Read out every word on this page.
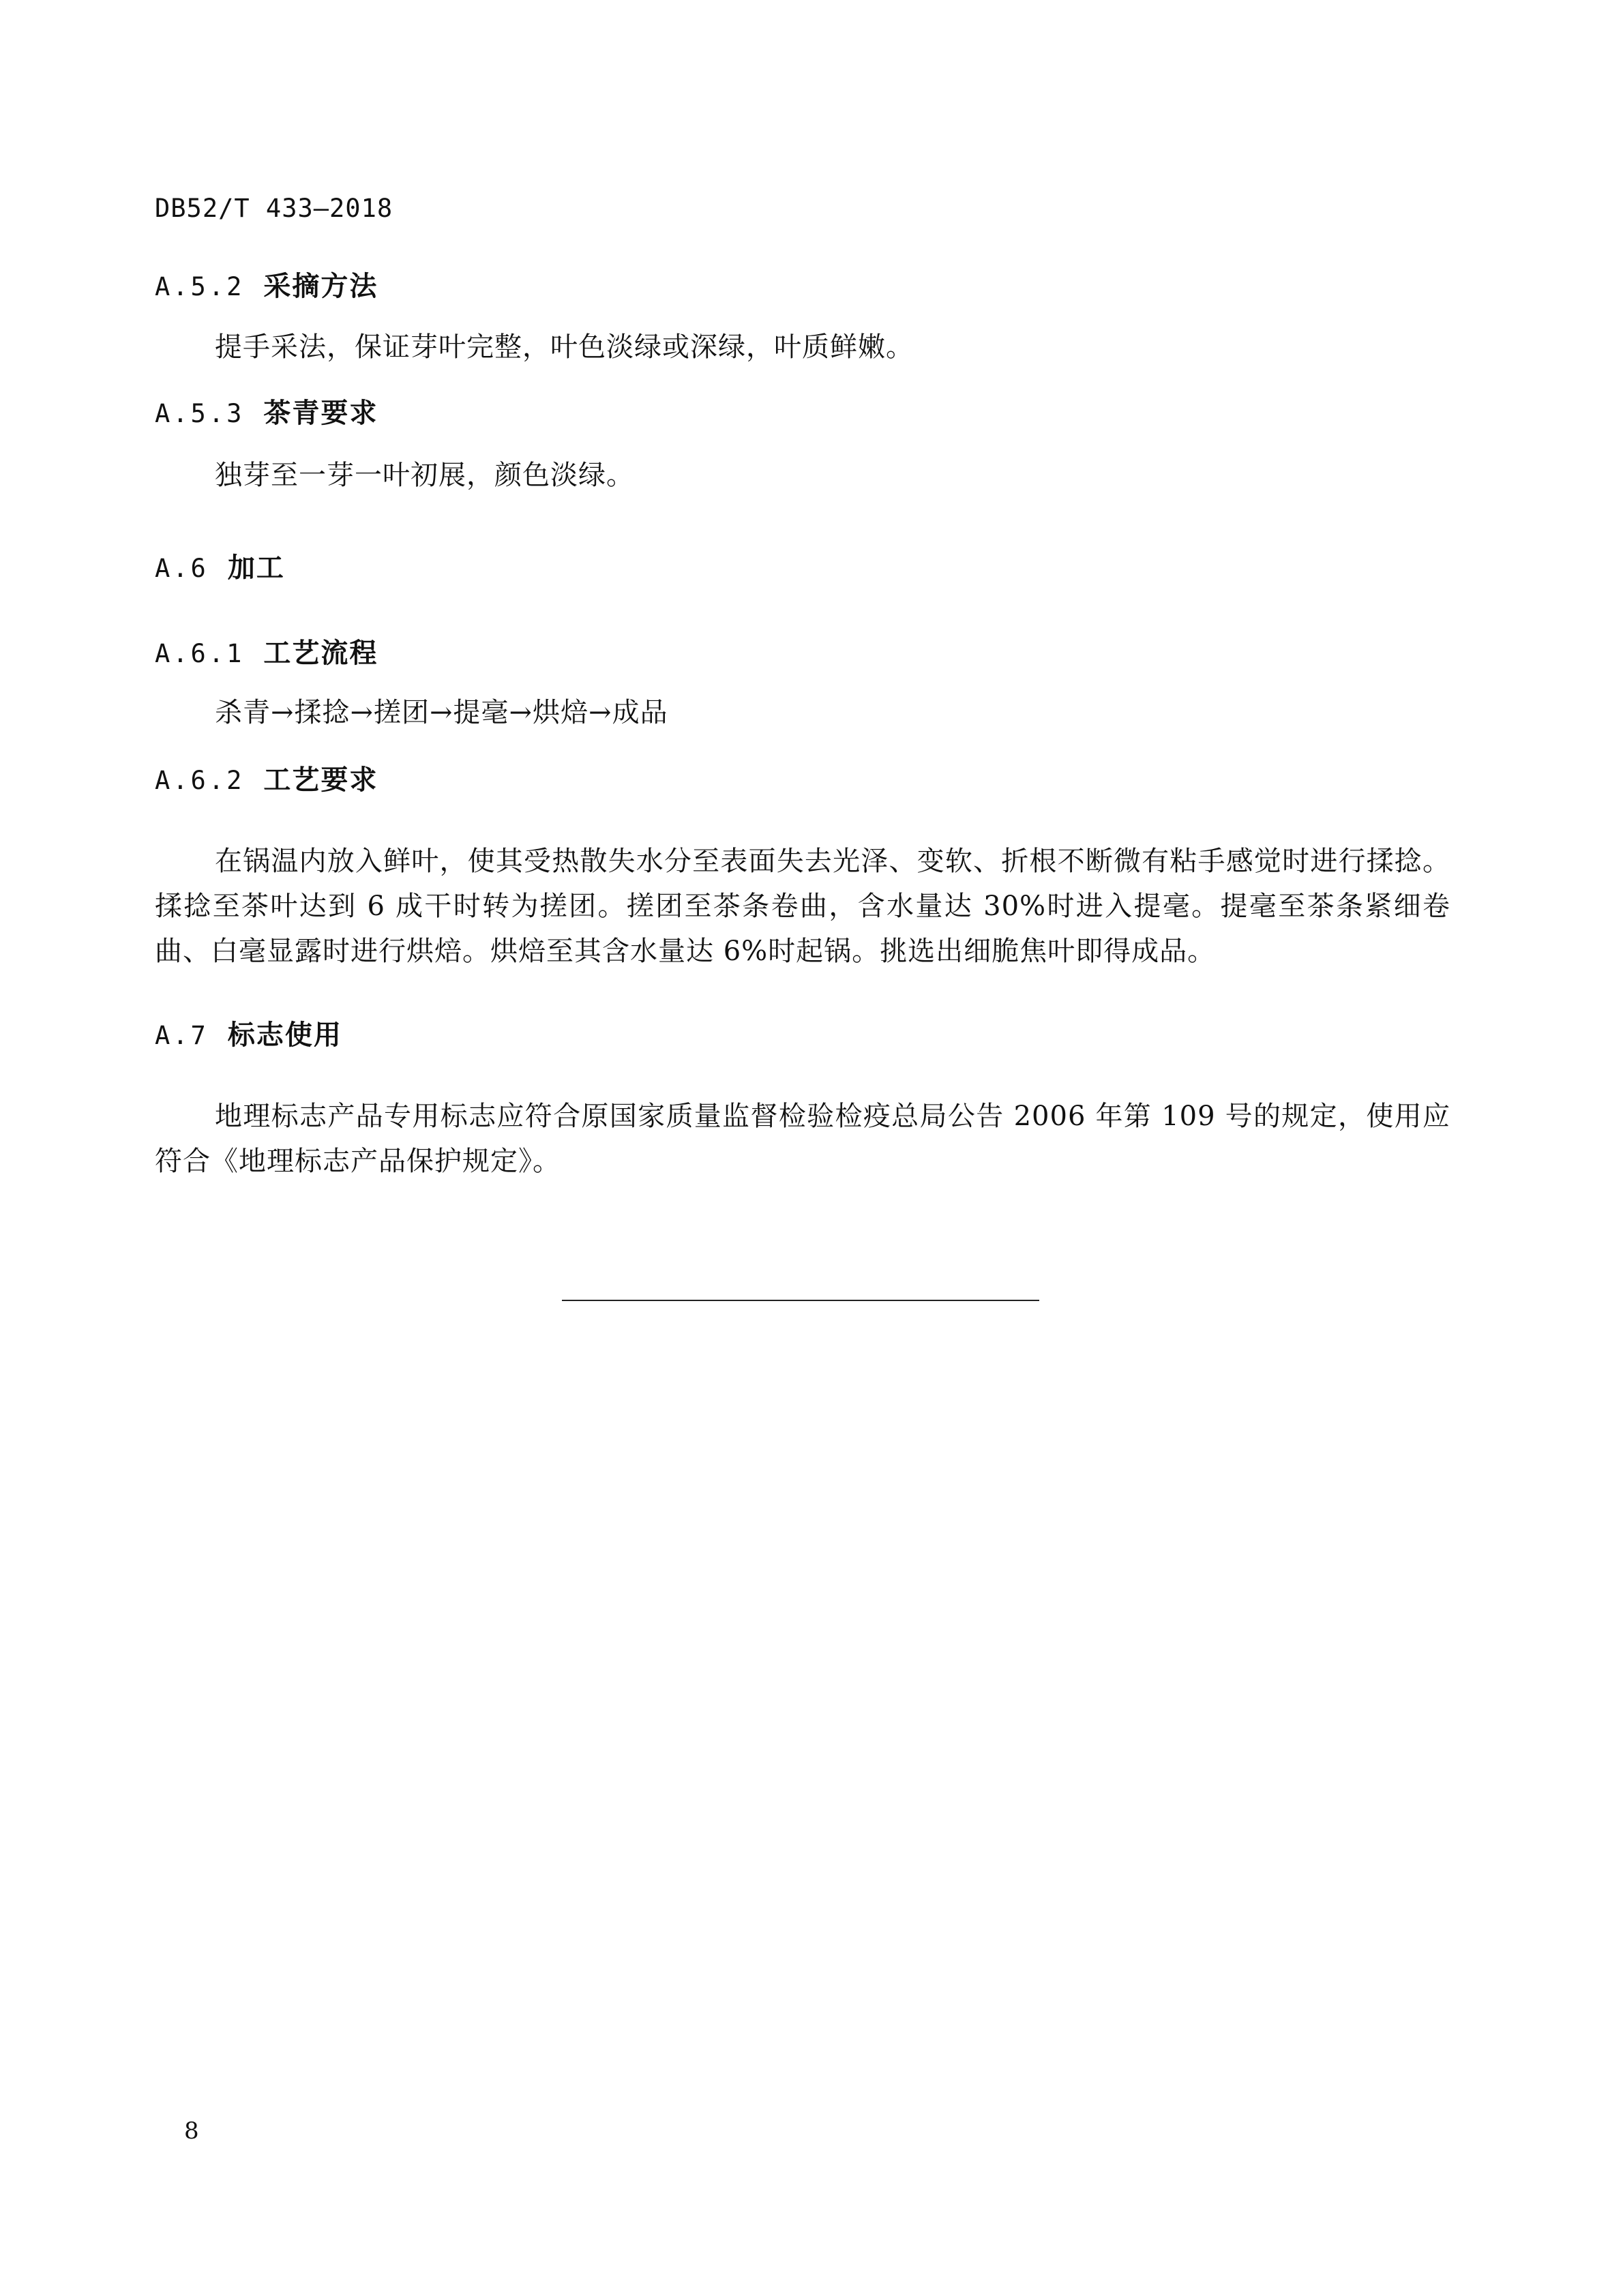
DB52/T 433—2018
A.5.2 采摘方法
提手采法，保证芽叶完整，叶色淡绿或深绿，叶质鲜嫩。
A.5.3 茶青要求
独芽至一芽一叶初展，颜色淡绿。
A.6 加工
A.6.1 工艺流程
杀青→揉捻→搓团→提毫→烘焙→成品
A.6.2 工艺要求
在锅温内放入鲜叶，使其受热散失水分至表面失去光泽、变软、折根不断微有粘手感觉时进行揉捻。揉捻至茶叶达到 6 成干时转为搓团。搓团至茶条卷曲，含水量达 30%时进入提毫。提毫至茶条紧细卷曲、白毫显露时进行烘焙。烘焙至其含水量达 6%时起锅。挑选出细脆焦叶即得成品。
A.7 标志使用
地理标志产品专用标志应符合原国家质量监督检验检疫总局公告 2006 年第 109 号的规定，使用应符合《地理标志产品保护规定》。
8
